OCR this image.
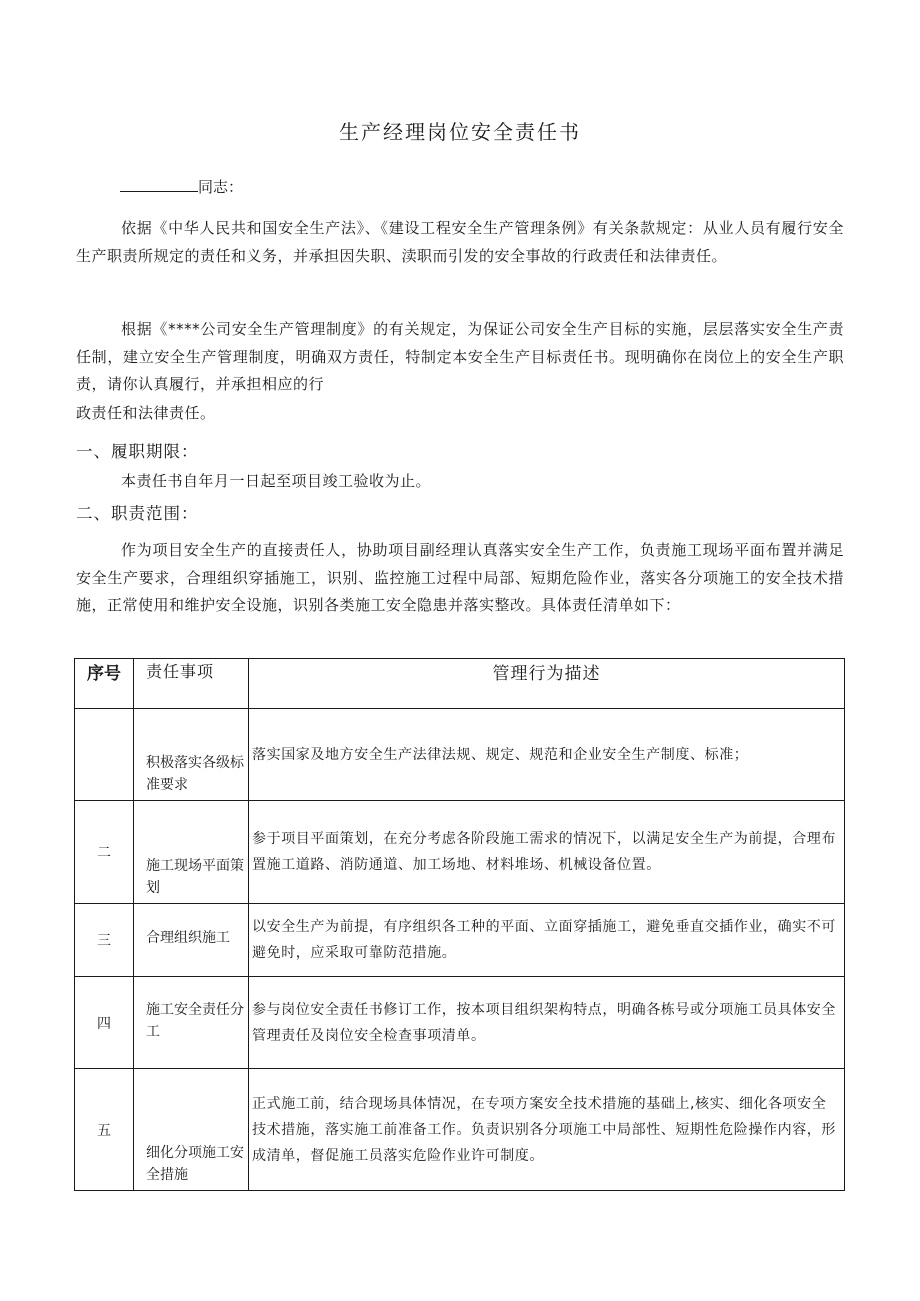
生产经理岗位安全责任书
同志：
依据《中华人民共和国安全生产法》、《建设工程安全生产管理条例》有关条款规定：从业人员有履行安全生产职责所规定的责任和义务，并承担因失职、渎职而引发的安全事故的行政责任和法律责任。
根据《****公司安全生产管理制度》的有关规定，为保证公司安全生产目标的实施，层层落实安全生产责任制，建立安全生产管理制度，明确双方责任，特制定本安全生产目标责任书。现明确你在岗位上的安全生产职责，请你认真履行，并承担相应的行
政责任和法律责任。
一、履职期限：
本责任书自年月一日起至项目竣工验收为止。
二、职责范围：
作为项目安全生产的直接责任人，协助项目副经理认真落实安全生产工作，负责施工现场平面布置并满足安全生产要求，合理组织穿插施工，识别、监控施工过程中局部、短期危险作业，落实各分项施工的安全技术措施，正常使用和维护安全设施，识别各类施工安全隐患并落实整改。具体责任清单如下：
序号	责任事项	管理行为描述
	积极落实各级标准要求	落实国家及地方安全生产法律法规、规定、规范和企业安全生产制度、标准；
二	施工现场平面策划	参于项目平面策划，在充分考虑各阶段施工需求的情况下，以满足安全生产为前提，合理布置施工道路、消防通道、加工场地、材料堆场、机械设备位置。
三	合理组织施工	以安全生产为前提，有序组织各工种的平面、立面穿插施工，避免垂直交插作业，确实不可避免时，应采取可靠防范措施。
四	施工安全责任分工	参与岗位安全责任书修订工作，按本项目组织架构特点，明确各栋号或分项施工员具体安全管理责任及岗位安全检查事项清单。
五	细化分项施工安全措施	正式施工前，结合现场具体情况，在专项方案安全技术措施的基础上,核实、细化各项安全技术措施，落实施工前准备工作。负责识别各分项施工中局部性、短期性危险操作内容，形成清单，督促施工员落实危险作业许可制度。
